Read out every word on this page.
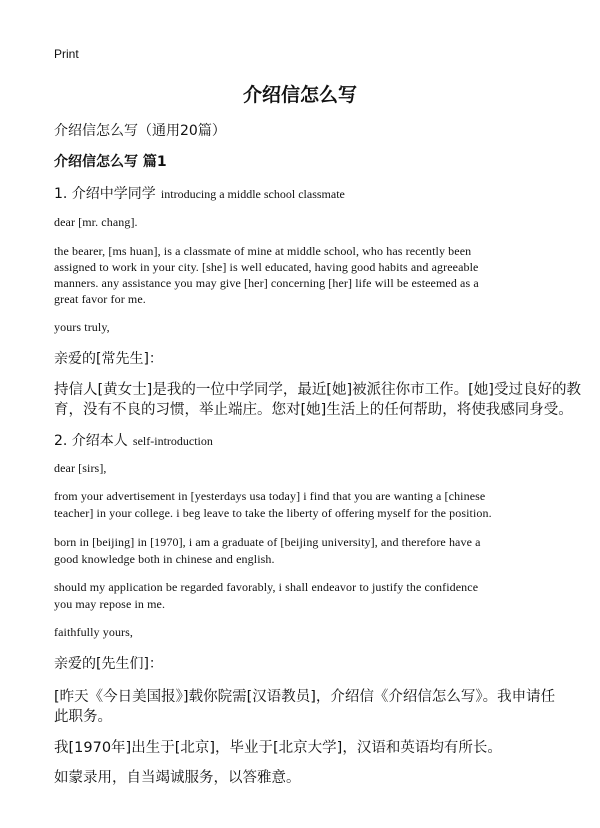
Print
介绍信怎么写
介绍信怎么写（通用20篇）
介绍信怎么写 篇1
1. 介绍中学同学 introducing a middle school classmate
dear [mr. chang].
the bearer, [ms huan], is a classmate of mine at middle school, who has recently been
assigned to work in your city. [she] is well educated, having good habits and agreeable
manners. any assistance you may give [her] concerning [her] life will be esteemed as a
great favor for me.
yours truly,
亲爱的[常先生]：
持信人[黄女士]是我的一位中学同学，最近[她]被派往你市工作。[她]受过良好的教
育，没有不良的习惯，举止端庄。您对[她]生活上的任何帮助，将使我感同身受。
2. 介绍本人 self-introduction
dear [sirs],
from your advertisement in [yesterdays usa today] i find that you are wanting a [chinese
teacher] in your college. i beg leave to take the liberty of offering myself for the position.
born in [beijing] in [1970], i am a graduate of [beijing university], and therefore have a
good knowledge both in chinese and english.
should my application be regarded favorably, i shall endeavor to justify the confidence
you may repose in me.
faithfully yours,
亲爱的[先生们]：
[昨天《今日美国报》]载你院需[汉语教员]，介绍信《介绍信怎么写》。我申请任
此职务。
我[1970年]出生于[北京]，毕业于[北京大学]，汉语和英语均有所长。
如蒙录用，自当竭诚服务，以答雅意。
